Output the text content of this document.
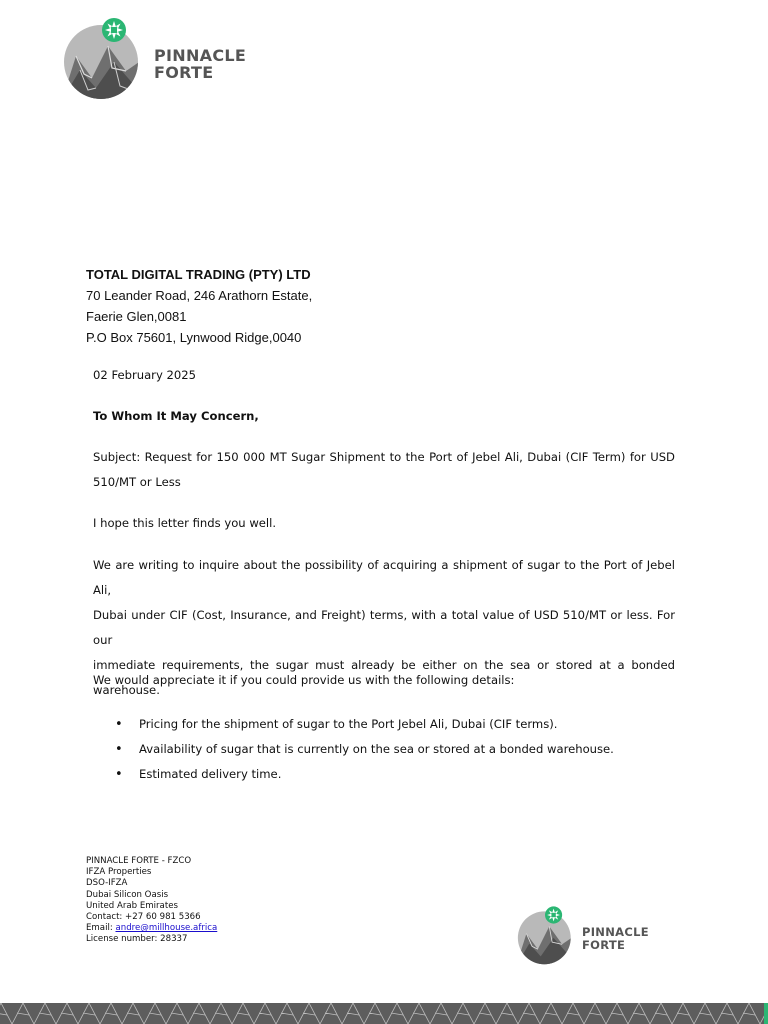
PINNACLE
FORTE
TOTAL DIGITAL TRADING (PTY) LTD
70 Leander Road, 246 Arathorn Estate,
Faerie Glen,0081
P.O Box 75601, Lynwood Ridge,0040
02 February 2025
To Whom It May Concern,
Subject: Request for 150 000 MT Sugar Shipment to the Port of Jebel Ali, Dubai (CIF Term) for USD
510/MT or Less
I hope this letter finds you well.
We are writing to inquire about the possibility of acquiring a shipment of sugar to the Port of Jebel Ali,
Dubai under CIF (Cost, Insurance, and Freight) terms, with a total value of USD 510/MT or less. For our
immediate requirements, the sugar must already be either on the sea or stored at a bonded
warehouse.
We would appreciate it if you could provide us with the following details:
• Pricing for the shipment of sugar to the Port Jebel Ali, Dubai (CIF terms).
• Availability of sugar that is currently on the sea or stored at a bonded warehouse.
• Estimated delivery time.
PINNACLE FORTE - FZCO
IFZA Properties
DSO-IFZA
Dubai Silicon Oasis
United Arab Emirates
Contact: +27 60 981 5366
Email: andre@millhouse.africa
License number: 28337
PINNACLE
FORTE
